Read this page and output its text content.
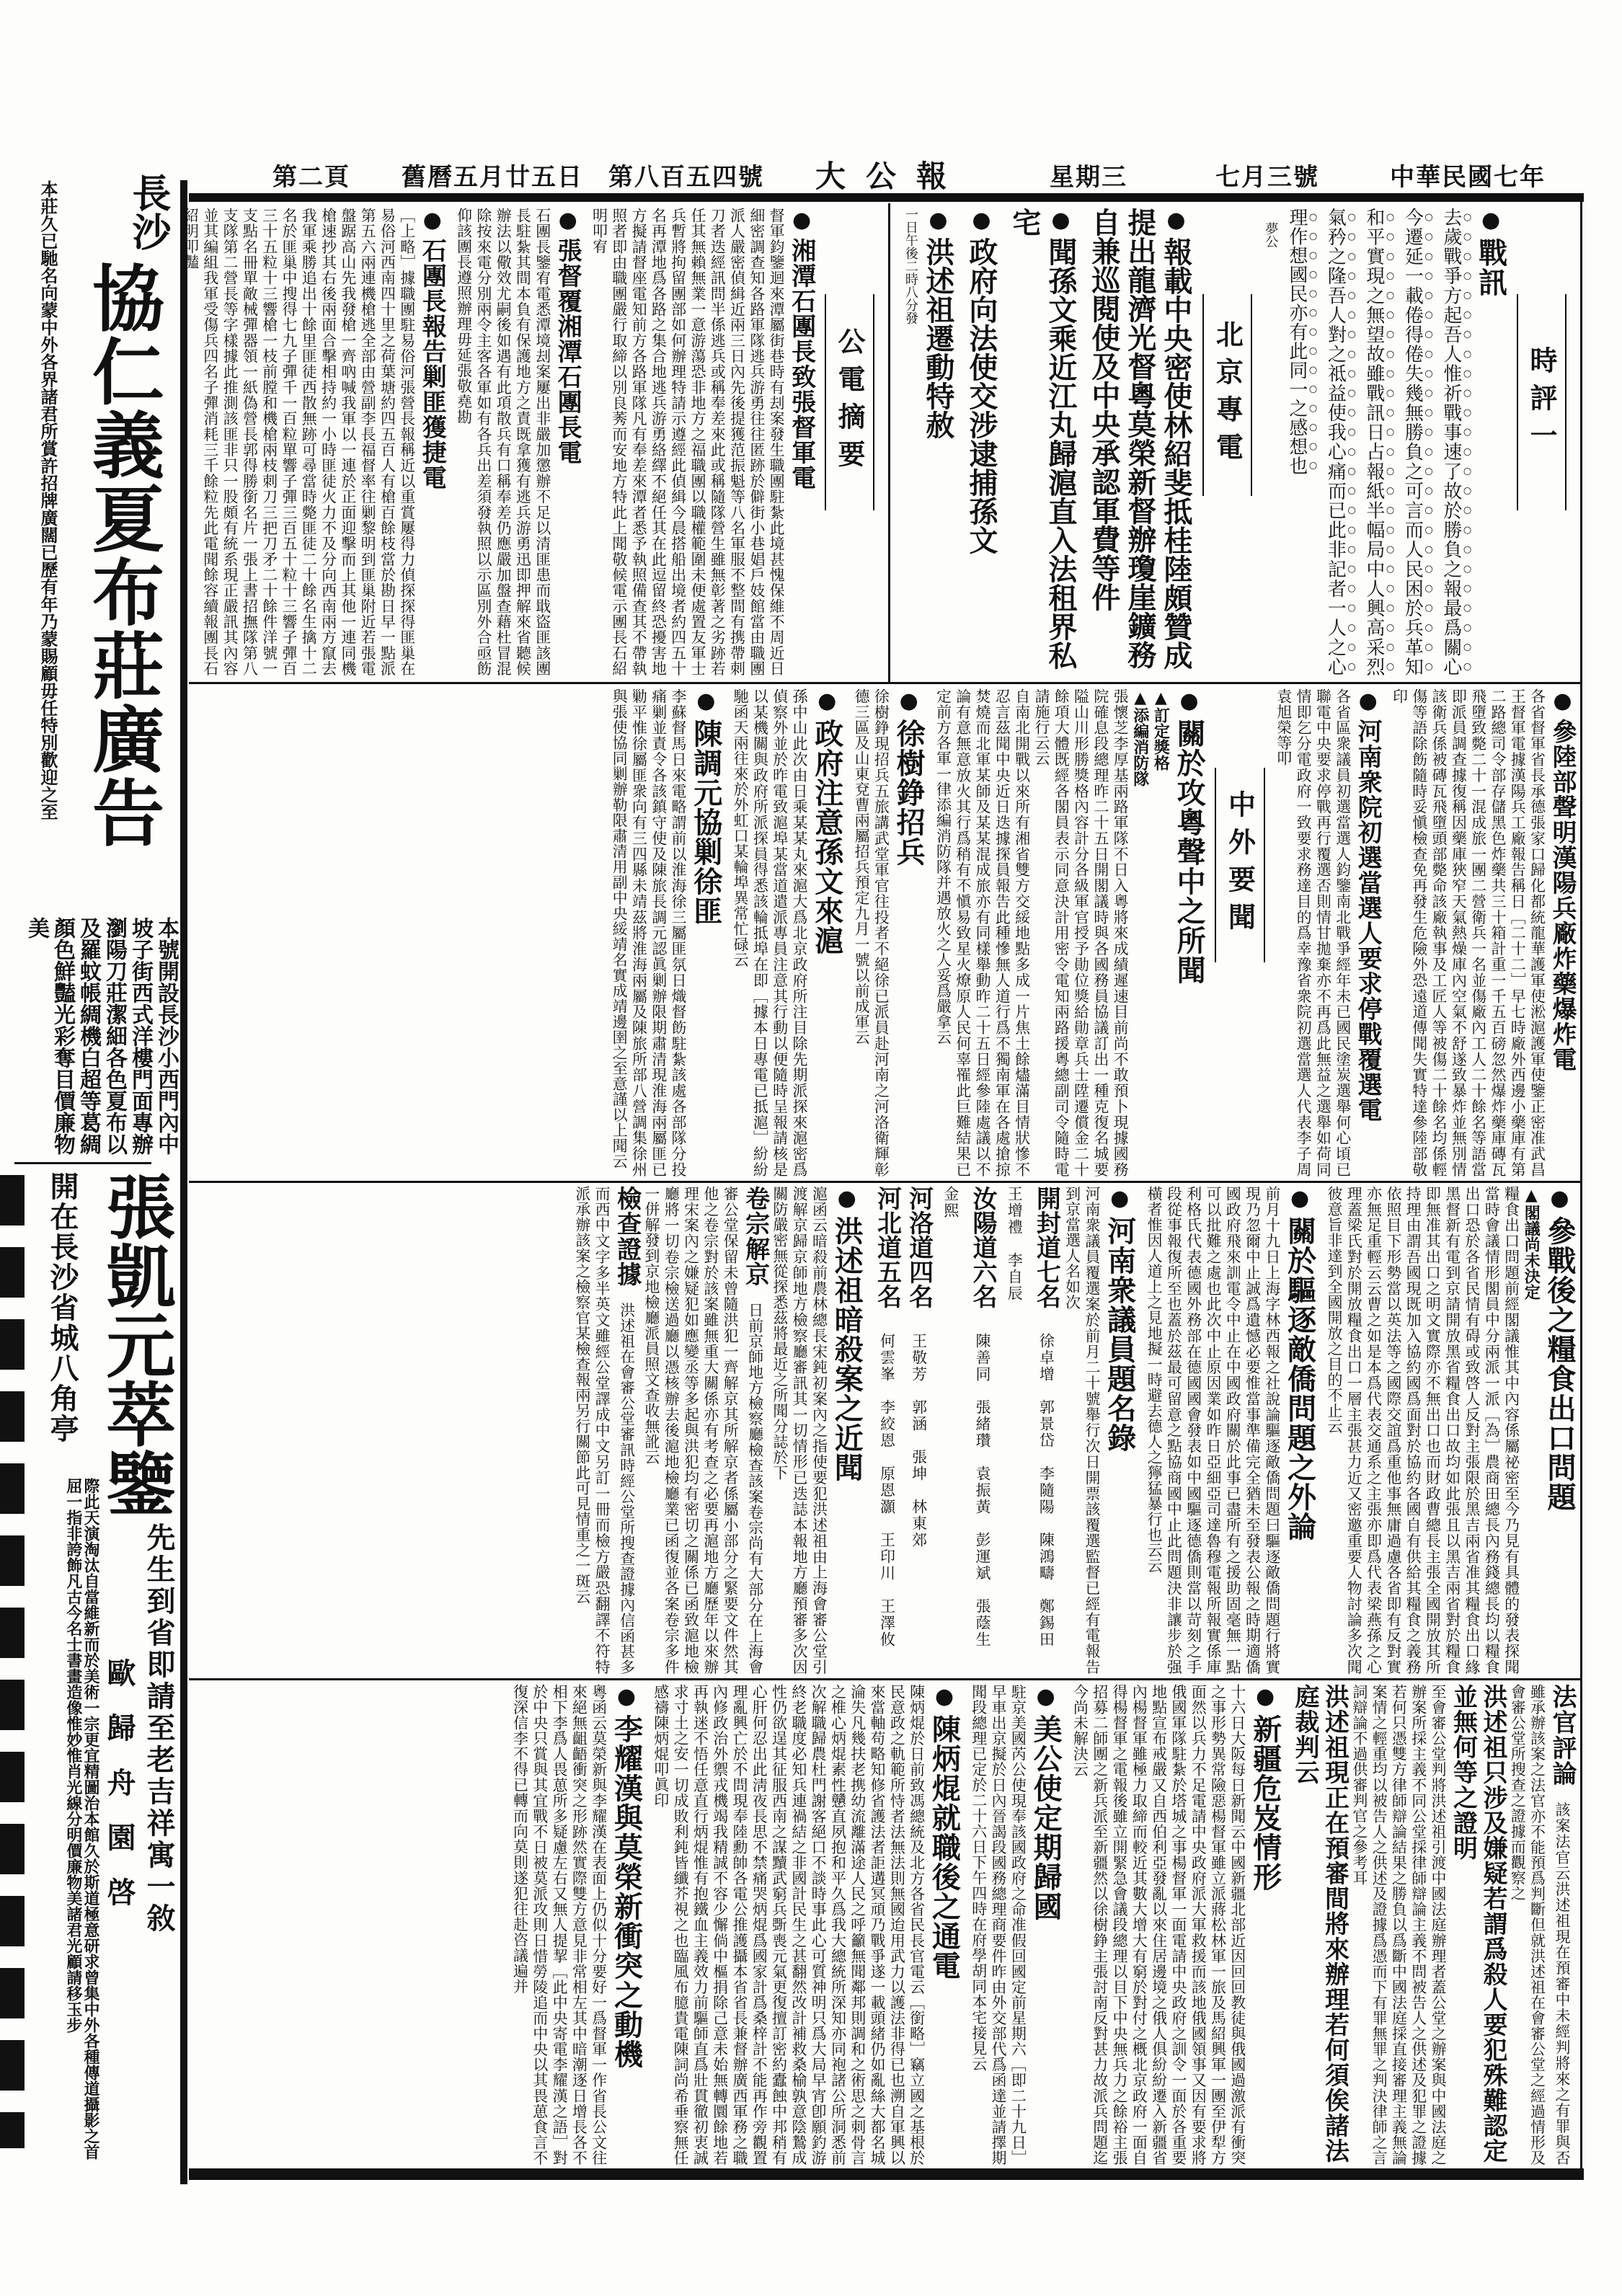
中華民國七年
七月三號
星期三
大公報
第八百五四號
舊曆五月廿五日
第二頁
時評一
●戰訊
去歲戰爭方起吾人惟祈戰事速了故於勝負之報最爲關心今遷延一載倦得倦失幾無勝負之可言而人民困於兵革知和平實現之無望故雖戰訊日占報紙半幅局中人興高采烈氣矜之隆吾人對之祗益使我心痛而已此非記者一人之心理作想國民亦有此同一之感想也
夢公
北京專電
●報載中央密使林紹斐抵桂陸頗贊成提出龍濟光督粵莫榮新督辦瓊崖鑛務自兼巡閱使及中央承認軍費等件
●聞孫文乘近江丸歸滬直入法租界私宅
●政府向法使交涉逮捕孫文
●洪述祖遷動特赦
一日午後二時八分發
公電摘要
●湘潭石團長致張督軍電
督軍鈞鑒迴來潭屬街巷時有刦案發生職團駐紮此境甚愧保維不周近日細密調查知各路軍隊逃兵游勇往往匿跡於僻街小巷娼戶妓館當由職團派人嚴密偵緝近兩三日內先後提獲范振魁等八名軍服不整間有携帶刺刀者迭經訊問半係逃兵或稱奉差來此或稱隨隊營生雖無彰著之劣跡若任其無賴無業一意游蕩恐非地方之福職團以職權範圍未便處置友軍士兵暫將拘留團部如何辦理特請示遵經此偵緝今晨搭船出境者約四五十名再潭地爲各路之集合地逃兵游勇絡繹不絕任其在此逗留終恐擾害地方擬請督座電知前方各路軍隊凡有奉差來潭者悉予執照備查其不帶執照者即由職團嚴行取締以別良莠而安地方特此上聞敬候電示團長石紹明叩宥
●張督覆湘潭石團長電
石團長鑒宥電悉潭境刦案屢出非嚴加懲辦不足以清匪患而戢盜匪該團長駐紮其間本負有保護地方之責既拿獲有逃兵游勇迅即押解來省聽候辦法以儆效尤嗣後如遇有此項散兵有口稱奉差仍應嚴加盤查藉杜冒混除按來電分別兩令主客各軍如有各兵出差須發執照以示區別外合亟飭仰該團長遵照辦理毋延張敬堯勘
●石團長報告剿匪獲捷電
［上略］據職團駐易俗河張營長報稱近以重賞屢得力偵探探得匪巢在易俗河西南四十里之荷葉塘約四五百人有槍百餘枝當於勘日早一點派第五六兩連機槍逃全部由營副李長福督率往剿黎明到匪巢附近若張電盤踞高山先我發槍一齊吶喊我軍以一連於正面迎擊而上其他一連同機槍速抄其右後兩面合擊相持約一小時匪徒火力不及分向西南兩方竄去我軍乘勝追出十餘里匪徒西散無跡可尋當時斃匪徒二十餘名生擒十二名於匪巢中搜得七九子彈千一百粒單響子彈三百五十粒十三響子彈百三十五粒十三響槍一枝前膛和機槍兩枝刺刀三把刀矛二十餘件洋號一支點名冊單敵械彈器領一紙偽營長郭得勝銜名片一張上書招撫隊第八支隊第二營長等字樣據此推測該匪非只一股頗有統系現正嚴訊其內容並其編組我軍受傷兵四名子彈消耗三千餘粒先此電聞餘容續報團長石紹明叩豔
●參陸部聲明漢陽兵廠炸藥爆炸電
各省督軍省長承德張家口歸化都統龍華護軍使淞滬護軍使鑒正密准武昌王督軍電據漢陽兵工廠報告稱日［二十二］早七時廠外西邊小藥庫有第二路總司令部存儲黑色炸藥共三十箱計重一千五百磅忽然爆炸藥庫磚瓦飛墮致斃二十一混成旅一團二營衛兵一名並傷廠內工人二十餘名等語當即派員調查據復稱因藥庫狹窄天氣熱燥庫內空氣不舒遂致暴炸並無別情該衛兵係被磚瓦飛墮頭部斃命該廠執事及工匠人等被傷二十餘名均係輕傷等語除飭隨時妥愼檢查免再發生危險外恐遠道傳聞失實特達參陸部敬印
●河南衆院初選當選人要求停戰覆選電
各省區衆議員初選當選人鈞鑒南北戰爭經年未已國民塗炭選舉何心頃已聯電中央要求停戰再行覆選否則情甘拋棄亦不再爲此無益之選舉如荷同情即乞分電政府一致要求務達目的爲幸豫省衆院初選當選人代表李子周袁旭榮等叩
中外要聞
●關於攻粵聲中之所聞
▲訂定獎格
▲添編消防隊
張懷芝李厚基兩路軍隊不日入粵將來成績遲速目前尚不敢預卜現據國務院確息段總理昨二十五日開閣議時與各國務員協議訂出一種克復名城要隘山川形勝獎格內容計分各級軍官授予勛位獎給勛章兵士陞遷償金二十餘項大體既經各閣員表示同意決計用密令電知兩路援粵總副司令隨時電請施行云云
自南北開戰以來所有湘省雙方交綏地點多成一片焦土餘燼滿目情狀慘不忍言茲聞中央近日迭據探員報告此種慘無人道行爲不獨南軍在各處搶掠焚燒而北軍某師及某某混成旅亦有同樣舉動昨二十五日經參陸處議以不論有意無意放火其行爲稍有不愼易致星火燎原人民何辜罹此巨難結果已定前方各軍一律添編消防隊并遇放火之人妥爲嚴拿云
●徐樹錚招兵
徐樹錚現招兵五旅講武堂軍官往投者不絕徐已派員赴河南之河洛衛輝彰德三區及山東兗曹兩屬招兵預定九月一號以前成軍云
●政府注意孫文來滬
孫中山此次由日乘某某丸來滬大爲北京政府所注目除先期派探來滬密爲偵察外並於昨電致滬埠某當道遣派專員注意其行動以便隨時呈報請核是以某機關與政府所派探員得悉該輪抵埠在即［據本日專電已抵滬］紛紛馳函天兩往來於外虹口某輪埠異常忙碌云
●陳調元協剿徐匪
李蘇督馬日來電略謂前以淮海徐三屬匪氛日熾督飭駐紮該處各部隊分投痛剿並責令各該鎮守使及陳旅長調元認眞剿辦限期肅清現淮海兩屬匪已勦平惟徐屬匪衆向有三四縣未靖茲將淮海兩屬及陳旅所部八營調集徐州與張使協同剿辦勒限肅清用副中央綏靖名實成靖邊圉之至意謹以上聞云
●參戰後之糧食出口問題
▲閣議尚未決定
糧食出口問題前經閣議惟其中內容係屬祕密至今乃見有具體的發表探聞當時會議情形閣員中分兩派一派［為］農商田總長內務錢總長均以糧食出口恐於各省民情有碍或致啓人反對主張限於黑吉兩省准其糧食出口緣黑督新有電到京請開放黑省糧食出口故均如此張且以黑吉兩省對於糧食即無准其出口之明文實際亦不無出口也而財政曹總長主張全國開放其所持理由謂吾國現既加入協約國爲面對於協約各國自有供給其糧食之義務依照目下形勢當以英法等之國際交誼爲重他事無庸過慮各省即有反對實亦無足重輕云云曹之如是本爲代表交通系之主張亦即爲代表梁燕孫之心理蓋梁氏對於開放糧食出口一層主張甚力近又密邀重要人物討論多次聞彼意旨非達到全國開放之目的不止云
●關於驅逐敵僑問題之外論
前月十九日上海字林西報之社說論驅逐敵僑問題曰驅逐敵僑問題行將實現乃忽爾中止誠爲遺憾必要惟當事準備完全猶未至發表公報之時期適僑國政府飛來訓電令中止在中國政府關於此事已盡所有之援助固毫無一點可以批難之處也此次中止原因業如昨日亞細亞司達魯穆電報所報實係庫利格氏代表德國外務部在德國國會發表如中國驅逐德僑則當以苛刻之手段從事報復所至也蓋於茲最可留意之點協商國中止此問題決非讓步於强橫者惟因人道上之見地擬一時避去德人之獰猛暴行也云云
●河南衆議員題名錄
河南衆議員覆選案於前月二十號舉行次日開票該覆選監督已經有電報告到京當選人名如次
開封道七名　徐卓增　郭景岱　李隨陽　陳鴻疇　鄭錫田　王增禮　李自辰
汝陽道六名　陳善同　張緒瓚　袁振黃　彭運斌　張蔭生　金熙
河洛道四名　王敬芳　郭涵　張坤　林東郊
河北道五名　何雲峯　李絞恩　原恩灝　王印川　王澤攸
●洪述祖暗殺案之近聞
滬函云暗殺前農林總長宋鈍初案內之指使要犯洪述祖由上海會審公堂引渡解京歸京師地方檢察廳審訊其一切情形已迭誌本報地方廳預審多次因關防嚴密無從探悉茲將最近之所聞分誌於下
卷宗解京　日前京師地方檢察廳檢查該案卷宗尚有大部分在上海會審公堂保留未曾隨洪犯一齊解京其所解京者係屬小部分之緊要文件然其他之卷宗對於該案雖無重大關係亦有考查之必要再滬地方廳歷年以來辦理宋案內之嫌疑犯如應變丞等多起與洪犯均有密切之關係已函致滬地檢廳將一切卷宗檢送過廳以憑核辦去後滬地檢廳業已函復並各案卷宗多件一併解發到京地檢廳派員照文查收無訛云
檢查證據　洪述祖在會審公堂審訊時經公堂所搜查證據內信函甚多而西中文字多半英文雖經公堂譯成中文另訂一冊而檢方嚴恐翻譯不符特派承辦該案之檢察官某檢查報兩另行關節此可見情重之一斑云
法官評論　該案法官云洪述祖現在預審中未經判將來之有罪與否雖承辦該案之法官亦不能預爲判斷但就洪述祖在會審公堂之經過情形及會審公堂所搜查之證據而觀察之
洪述祖只涉及嫌疑若謂爲殺人要犯殊難認定並無何等之證明
至會審公堂判將洪述祖引渡中國法庭辦理者蓋公堂之辦案與中國法庭之辦案所採主義不同公堂採律師辯論主義不問被告人之供述及犯罪之證據若何只憑雙方律師辯論結果之勝負以爲斷中國法庭採直接審理主義無論案情之輕重均以被告人之供述及證據爲憑而下有罪無罪之判決律師之言詞辯論不過供審判官之參考耳
洪述祖現正在預審間將來辦理若何須俟諸法庭裁判云
●新疆危岌情形
十六日大阪每日新聞云中國新疆北部近因回回教徒與俄國過激派有衝突之事形勢異常險惡楊督軍雖立派蔣松林軍一旅及馬紹興軍一團至伊犁方面然以兵力不足電請中央政府派大軍救援而該地俄國領事又因有要求將俄國軍隊駐紮於塔城之事楊督軍一面電請中央政府之訓令一面於各重要地點宣布戒嚴又自西伯利亞發亂以來住居邊境之俄人俱紛紛遷入新疆省內楊督軍雖極力取締而較近其數大增大有窮於對付之概北京政府一面自得楊督軍之電報後雖立開緊急會議段總理以目下中央無兵力之餘裕主張招募二師團之新兵派至新疆然以徐樹錚主張討南反對甚力故派兵問題迄今尚未解決云
●美公使定期歸國
駐京美國芮公使現奉該國政府之命准假回國定前星期六［即二十九日］早車出京擬於日內晉謁段國務總理商要件昨由外交部代爲函達並請擇期聞段總理已定於二十六日下午四時在府學胡同本宅接見云
●陳炳焜就職後之通電
陳炳焜於日前致馮總統及北方各省民長官電云［銜略］竊立國之基根於民意政之軌範所恃者法無法則無國迨用武力以護法非得已也溯自軍興以來當軸苟略知修省護法者詎遘冥頑乃戰爭遂一載頭緒仍如亂絲大都名城淪失凡幾扶老携幼流離滿途人民之呼籲無聞鄰邦則調和之術思之刺骨言之椎心炳焜素性戇直夙抱和平久爲我大總統所深知亦同袍諸公所洞悉前次解職歸農杜門謝客絕口不談時事此心可質神明只爲大局早宵卽願釣游終老職度必知兵連禍結之非國計民生之甚翻然改計補救桑榆孰意陰鷙成性仍欲逞其征服西南之謀黷武窮兵斲喪元氣更復擅訂密約蠹蝕中邦稍有心肝何忍出此淸夜長思不禁痛哭炳焜爲國家計爲桑梓計不能再作旁觀置理亂興亡於不問現奉陸勳帥各電公推護攝本省省長兼督辦廣西軍務之職內修政治外禦戎機竭我精誠不容少懈倘中樞捐除己意未始無轉圜餘地若再執迷不悟任意直行炳焜惟有抱鐵血主義效力前驅師直爲壯貫徹初衷誠求寸土之安一切成敗利鈍皆纖芥視之也臨風布臆貴電陳詞尚希垂察無任感禱陳炳焜叩眞印
●李耀漢與莫榮新衝突之動機
粵函云莫榮新與李耀漢在表面上仍似十分要好一爲督軍一作省長公文往來絕無齟齬衝突之形跡然實際雙方意見非常相左其中暗潮逐日增長各不相下李爲人畏葸所多疑慮左右又無人提挈［此中央寄電李耀漢之語］對於中央只賞與其宜戰不日被莫派攻則日惜勞陵追而中央以其畏葸食言不復深信李不得已轉而向莫則遂犯往赴咨議遍并
長沙
協仁義夏布莊廣告
本莊久已馳名向蒙中外各界諸君所賞許招牌廣闊已歷有年乃蒙賜顧毋任特別歡迎之至
本號開設長沙小西門內中坡子街西式洋樓門面專辦瀏陽刀莊潔細各色夏布以及羅蚊帳綢機白超等葛綢顏色鮮豔光彩奪目價廉物美
張凱元萃鑒
先生到省即請至老吉祥寓一敘
歐歸舟園啓
開在長沙省城八角亭
際此天演淘汰自當維新而於美術一宗更宜精圖治本館久於斯道極意研求曾集中外各種傳道攝影之首屈一指非誇飾凡古今名士書畫造像惟妙惟肖光線分明價廉物美諸君光顧請移玉步
